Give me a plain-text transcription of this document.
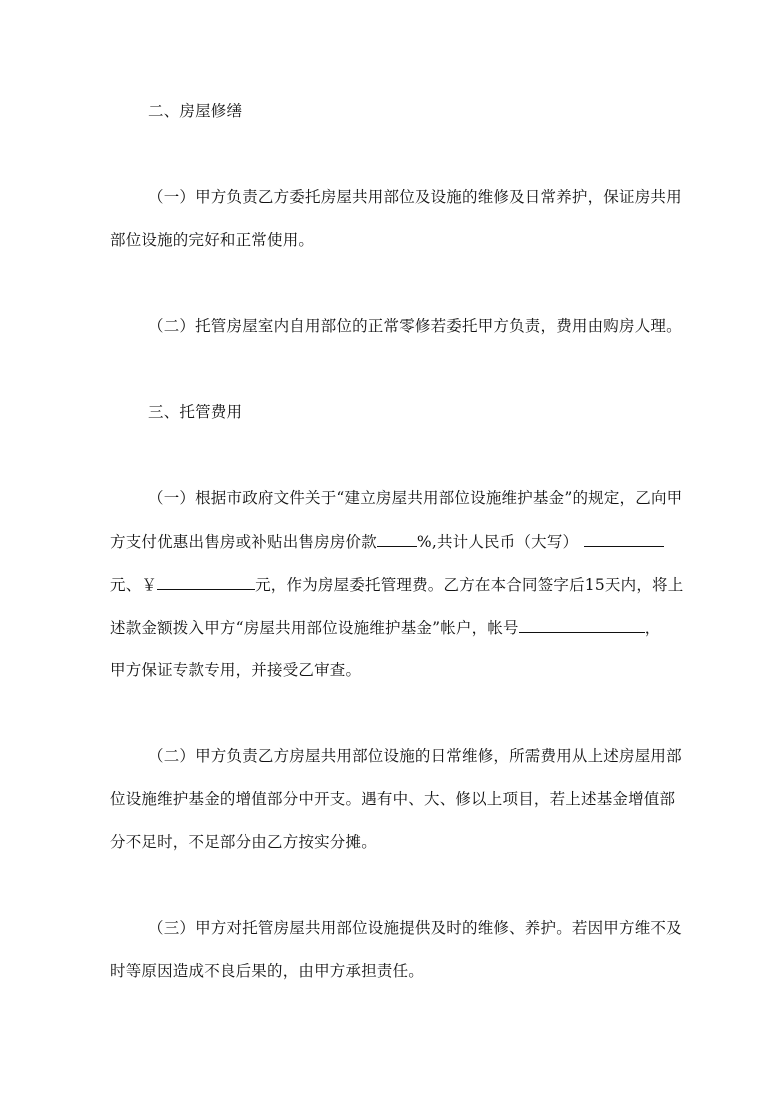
二、房屋修缮
（一）甲方负责乙方委托房屋共用部位及设施的维修及日常养护，保证房共用
部位设施的完好和正常使用。
（二）托管房屋室内自用部位的正常零修若委托甲方负责，费用由购房人理。
三、托管费用
（一）根据市政府文件关于“建立房屋共用部位设施维护基金”的规定，乙向甲
方支付优惠出售房或补贴出售房房价款	%,共计人民币（大写）
元、￥	元，作为房屋委托管理费。乙方在本合同签字后15天内，将上
述款金额拨入甲方“房屋共用部位设施维护基金”帐户，帐号	，
甲方保证专款专用，并接受乙审查。
（二）甲方负责乙方房屋共用部位设施的日常维修，所需费用从上述房屋用部
位设施维护基金的增值部分中开支。遇有中、大、修以上项目，若上述基金增值部
分不足时，不足部分由乙方按实分摊。
（三）甲方对托管房屋共用部位设施提供及时的维修、养护。若因甲方维不及
时等原因造成不良后果的，由甲方承担责任。
